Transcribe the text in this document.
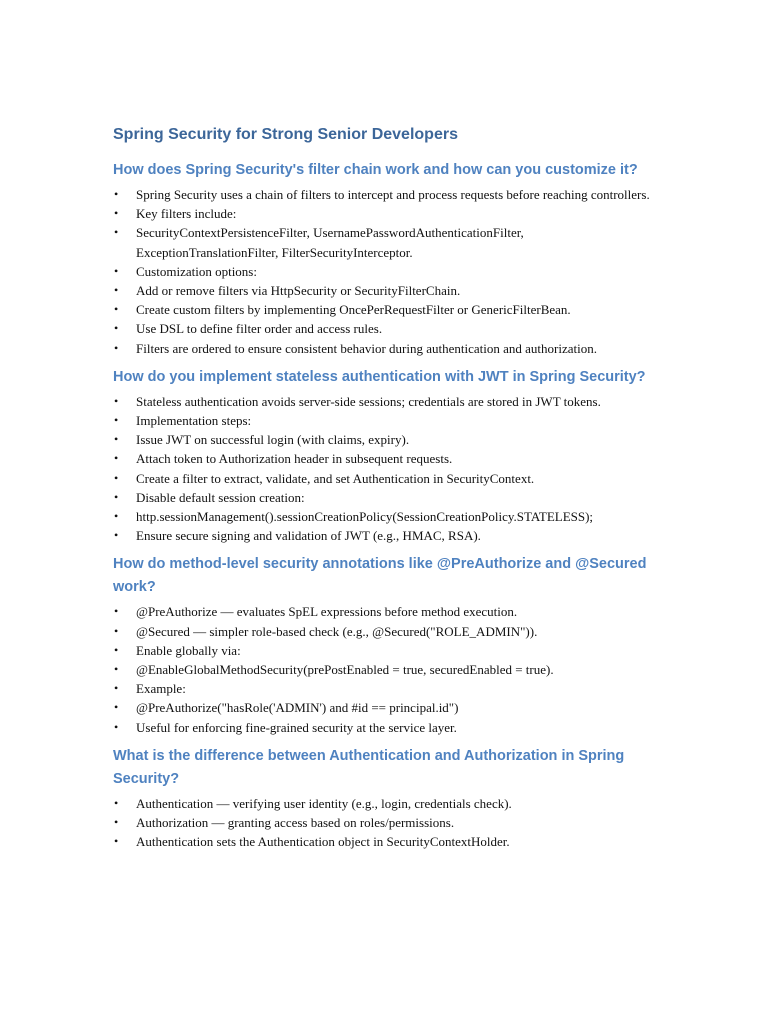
Spring Security for Strong Senior Developers
How does Spring Security's filter chain work and how can you customize it?
• Spring Security uses a chain of filters to intercept and process requests before reaching controllers.
• Key filters include:
• SecurityContextPersistenceFilter, UsernamePasswordAuthenticationFilter, ExceptionTranslationFilter, FilterSecurityInterceptor.
• Customization options:
• Add or remove filters via HttpSecurity or SecurityFilterChain.
• Create custom filters by implementing OncePerRequestFilter or GenericFilterBean.
• Use DSL to define filter order and access rules.
• Filters are ordered to ensure consistent behavior during authentication and authorization.
How do you implement stateless authentication with JWT in Spring Security?
• Stateless authentication avoids server-side sessions; credentials are stored in JWT tokens.
• Implementation steps:
• Issue JWT on successful login (with claims, expiry).
• Attach token to Authorization header in subsequent requests.
• Create a filter to extract, validate, and set Authentication in SecurityContext.
• Disable default session creation:
• http.sessionManagement().sessionCreationPolicy(SessionCreationPolicy.STATELESS);
• Ensure secure signing and validation of JWT (e.g., HMAC, RSA).
How do method-level security annotations like @PreAuthorize and @Secured work?
• @PreAuthorize — evaluates SpEL expressions before method execution.
• @Secured — simpler role-based check (e.g., @Secured("ROLE_ADMIN")).
• Enable globally via:
• @EnableGlobalMethodSecurity(prePostEnabled = true, securedEnabled = true).
• Example:
• @PreAuthorize("hasRole('ADMIN') and #id == principal.id")
• Useful for enforcing fine-grained security at the service layer.
What is the difference between Authentication and Authorization in Spring Security?
• Authentication — verifying user identity (e.g., login, credentials check).
• Authorization — granting access based on roles/permissions.
• Authentication sets the Authentication object in SecurityContextHolder.
